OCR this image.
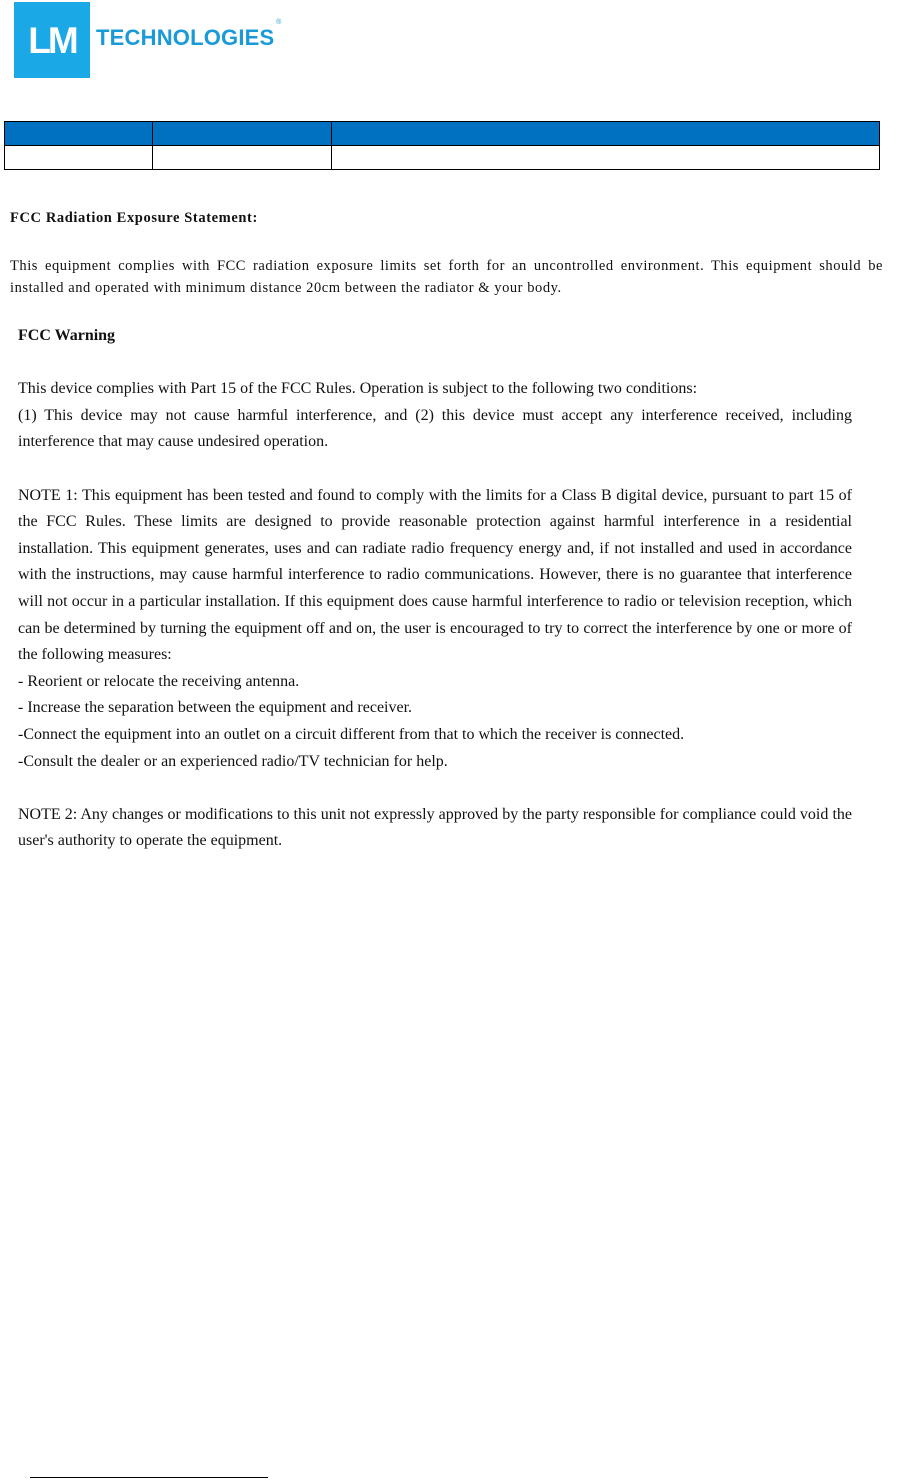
LM TECHNOLOGIES
®

FCC Radiation Exposure Statement:

This equipment complies with FCC radiation exposure limits set forth for an uncontrolled environment. This equipment should be installed and operated with minimum distance 20cm between the radiator & your body.

FCC Warning

This device complies with Part 15 of the FCC Rules. Operation is subject to the following two conditions:

(1) This device may not cause harmful interference, and (2) this device must accept any interference received, including interference that may cause undesired operation.

NOTE 1: This equipment has been tested and found to comply with the limits for a Class B digital device, pursuant to part 15 of the FCC Rules. These limits are designed to provide reasonable protection against harmful interference in a residential installation. This equipment generates, uses and can radiate radio frequency energy and, if not installed and used in accordance with the instructions, may cause harmful interference to radio communications. However, there is no guarantee that interference will not occur in a particular installation. If this equipment does cause harmful interference to radio or television reception, which can be determined by turning the equipment off and on, the user is encouraged to try to correct the interference by one or more of the following measures:

- Reorient or relocate the receiving antenna.

- Increase the separation between the equipment and receiver.

-Connect the equipment into an outlet on a circuit different from that to which the receiver is connected.

-Consult the dealer or an experienced radio/TV technician for help.

NOTE 2: Any changes or modifications to this unit not expressly approved by the party responsible for compliance could void the user's authority to operate the equipment.
